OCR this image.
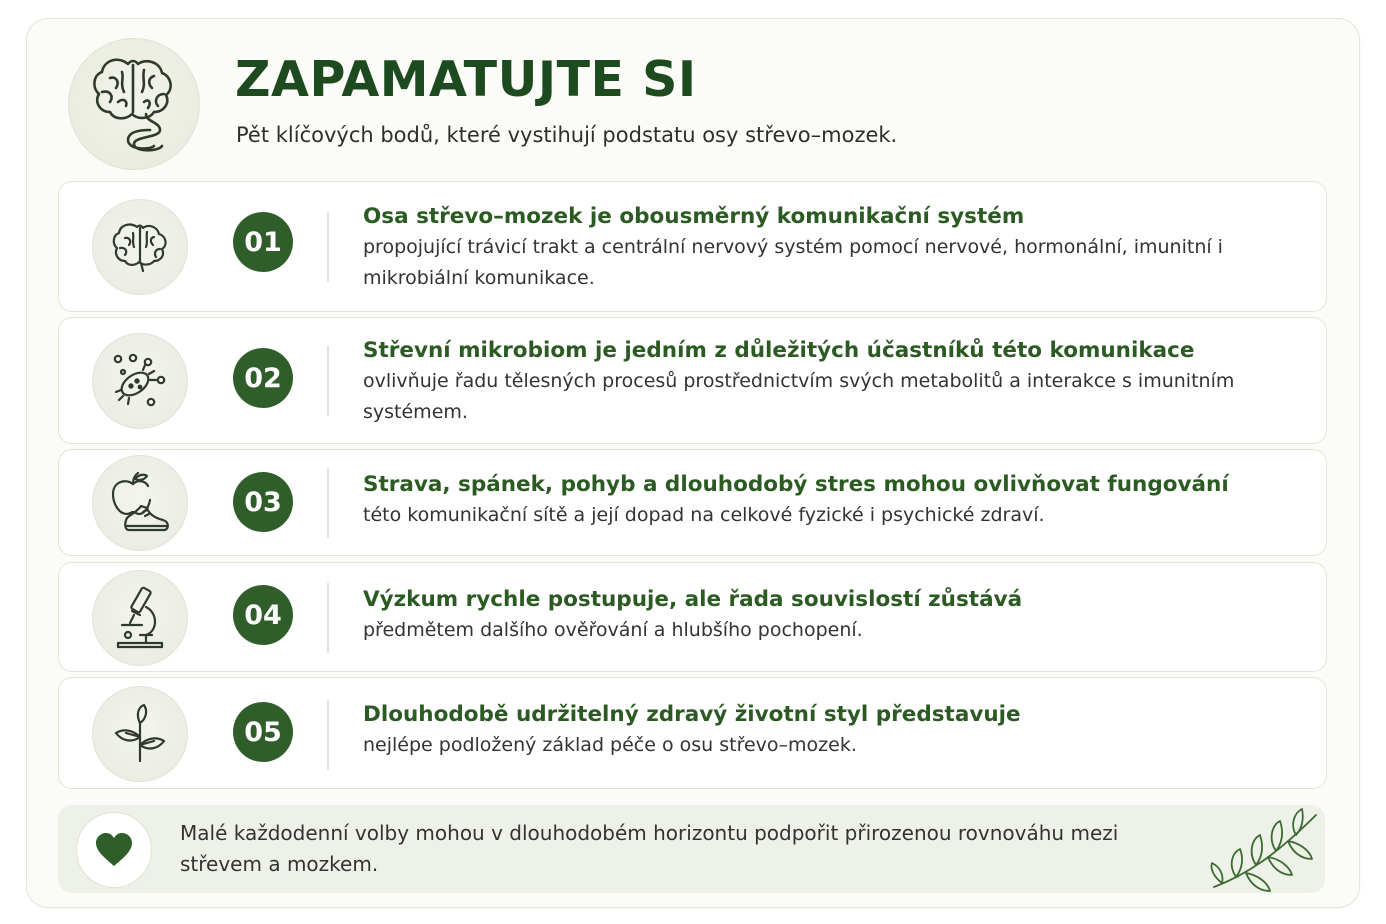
ZAPAMATUJTE SI

Pět klíčových bodů, které vystihují podstatu osy střevo–mozek.

01
Osa střevo–mozek je obousměrný komunikační systém
propojující trávicí trakt a centrální nervový systém pomocí nervové, hormonální, imunitní i mikrobiální komunikace.
02
Střevní mikrobiom je jedním z důležitých účastníků této komunikace
ovlivňuje řadu tělesných procesů prostřednictvím svých metabolitů a interakce s imunitním systémem.
03
Strava, spánek, pohyb a dlouhodobý stres mohou ovlivňovat fungování
této komunikační sítě a její dopad na celkové fyzické i psychické zdraví.
04	Výzkum rychle postupuje, ale řada souvislostí zůstává
předmětem dalšího ověřování a hlubšího pochopení.
05
Dlouhodobě udržitelný zdravý životní styl představuje
nejlépe podložený základ péče o osu střevo–mozek.
Malé každodenní volby mohou v dlouhodobém horizontu podpořit přirozenou rovnováhu mezi střevem a mozkem.
